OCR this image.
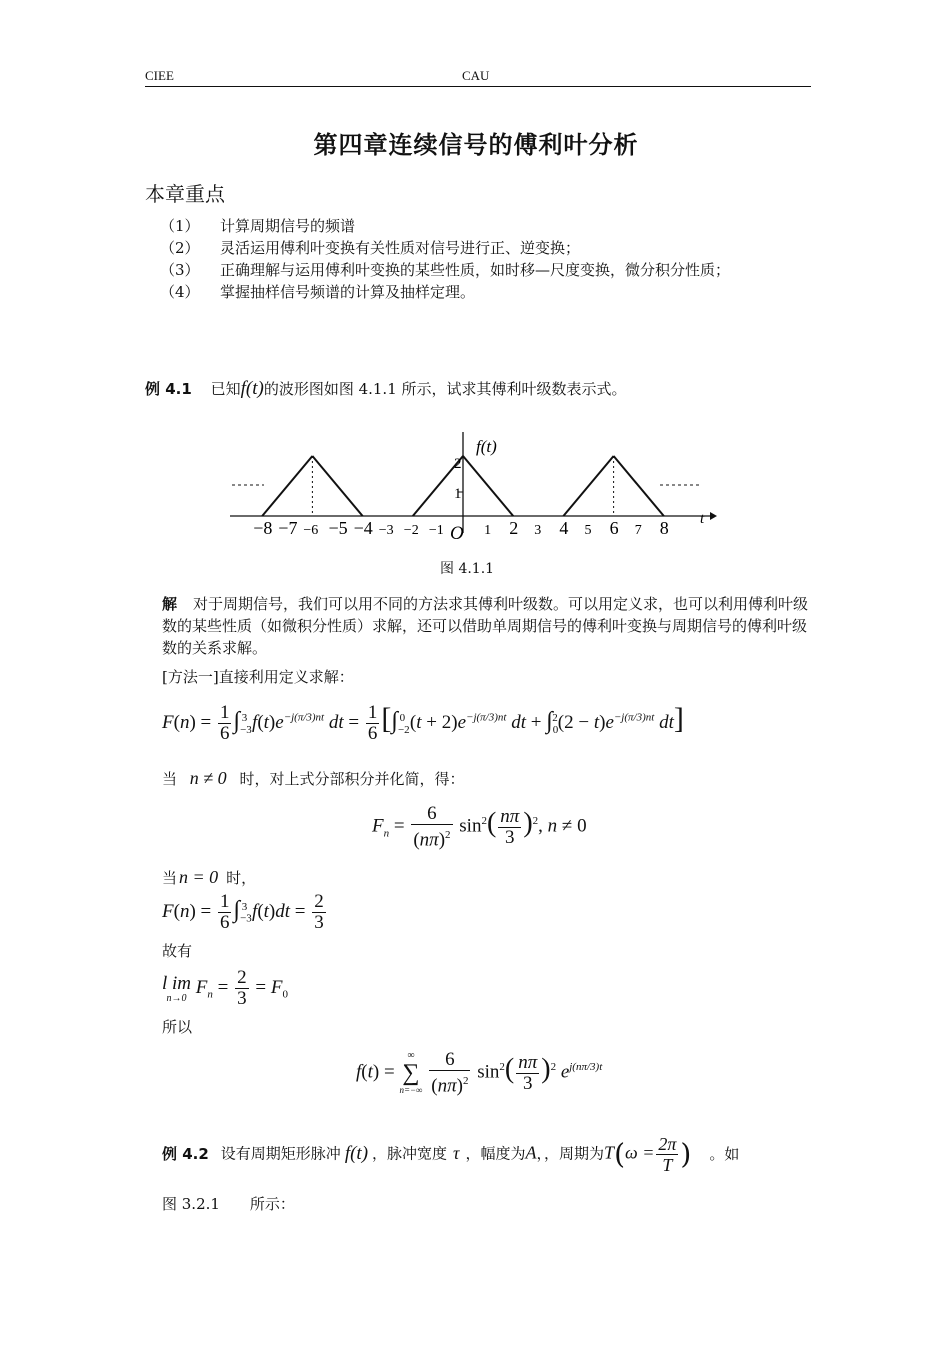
CIEE	CAU
第四章连续信号的傅利叶分析
本章重点
（1） 计算周期信号的频谱
（2） 灵活运用傅利叶变换有关性质对信号进行正、逆变换；
（3） 正确理解与运用傅利叶变换的某些性质，如时移—尺度变换，微分积分性质；
（4） 掌握抽样信号频谱的计算及抽样定理。
例 4.1 已知f(t)的波形图如图 4.1.1 所示，试求其傅利叶级数表示式。
−8 −7 −6 −5 −4 −3 −2 −1	1 2 3 4 5 6 7 8
2
1
f(t)
O
t
图 4.1.1
解 对于周期信号，我们可以用不同的方法求其傅利叶级数。可以用定义求，也可以利用傅利叶级数的某些性质（如微积分性质）求解，还可以借助单周期信号的傅利叶变换与周期信号的傅利叶级数的关系求解。
[方法一]直接利用定义求解：
$F(n) = \frac{1}{6} \int_{-3}^3$ $f(t)e^{-j(\pi/3)nt}$ dt = $\frac{1}{6} [\int_{-2}^0$ $(t + 2)e^{-j(\pi/3)nt}$ dt + $\int_0^2(2 - t)e^{-j(\pi/3)nt}$ dt]
当 n ≠ 0 时，对上式分部积分并化简，得：
$F_n = \frac{6}{(n\pi)^2} \sin^2( \frac{n\pi}{3} )^2$, n ≠ 0
当 n = 0 时，
$F(n) = \frac{1}{6} \int_{-3}^3$ $f(t)dt = \frac{2}{3}$
故有
l im
n→0
$F_n = \frac{2}{3} = F_0$
所以
f(t) =
∞
∑
n=−∞
$\frac{6}{(n\pi)^2} \sin^2( \frac{n\pi}{3} )^2$ $e^{j(n\pi/3)t}$
例 4.2 设有周期矩形脉冲 f(t) ，脉冲宽度 τ ，幅度为A，，周期为$T(\omega = \frac{2\pi}{T}$ ) 。如
图 3.2.1　　所示：
